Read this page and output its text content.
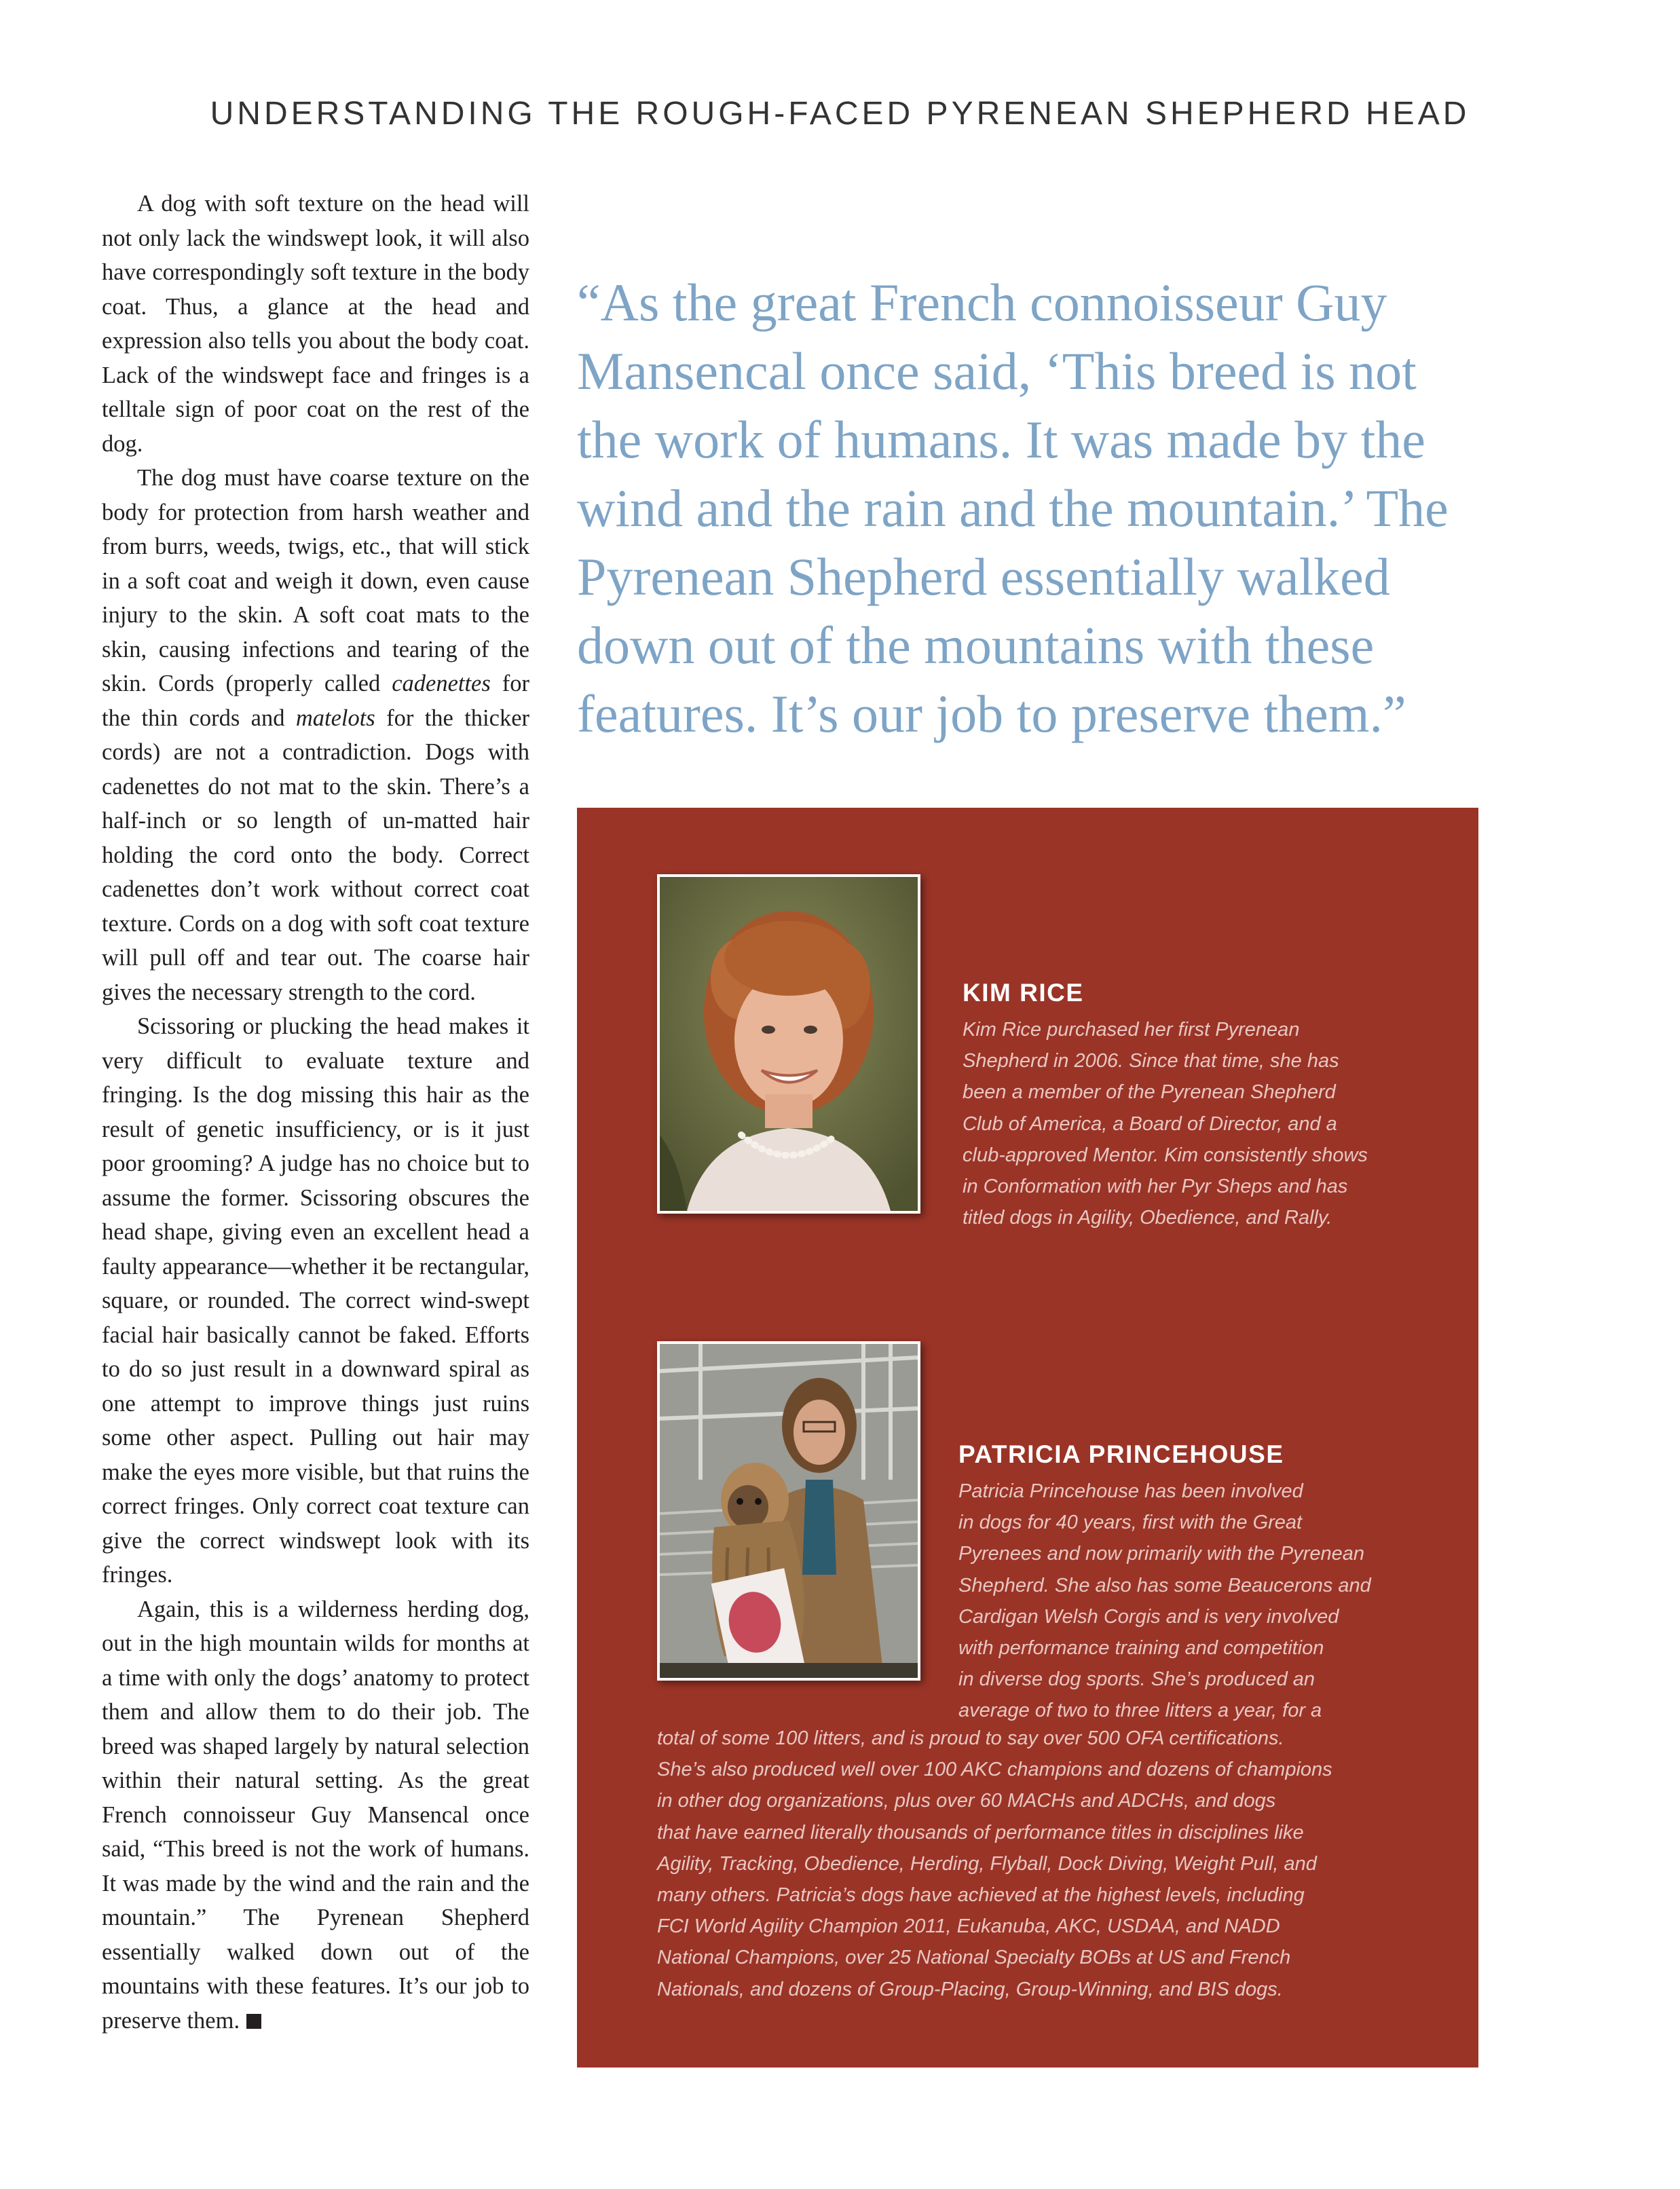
UNDERSTANDING THE ROUGH-FACED PYRENEAN SHEPHERD HEAD

A dog with soft texture on the head will not only lack the windswept look, it will also have correspondingly soft texture in the body coat. Thus, a glance at the head and expression also tells you about the body coat. Lack of the windswept face and fringes is a telltale sign of poor coat on the rest of the dog.

The dog must have coarse texture on the body for protection from harsh weather and from burrs, weeds, twigs, etc., that will stick in a soft coat and weigh it down, even cause injury to the skin. A soft coat mats to the skin, causing infections and tearing of the skin. Cords (properly called cadenettes for the thin cords and matelots for the thicker cords) are not a contradiction. Dogs with cadenettes do not mat to the skin. There’s a half-inch or so length of un-matted hair holding the cord onto the body. Correct cadenettes don’t work without correct coat texture. Cords on a dog with soft coat texture will pull off and tear out. The coarse hair gives the necessary strength to the cord.

Scissoring or plucking the head makes it very difficult to evaluate texture and fringing. Is the dog missing this hair as the result of genetic insufficiency, or is it just poor grooming? A judge has no choice but to assume the former. Scissoring obscures the head shape, giving even an excellent head a faulty appearance—whether it be rectangular, square, or rounded. The correct wind-swept facial hair basically cannot be faked. Efforts to do so just result in a downward spiral as one attempt to improve things just ruins some other aspect. Pulling out hair may make the eyes more visible, but that ruins the correct fringes. Only correct coat texture can give the correct windswept look with its fringes.

Again, this is a wilderness herding dog, out in the high mountain wilds for months at a time with only the dogs’ anatomy to protect them and allow them to do their job. The breed was shaped largely by natural selection within their natural setting. As the great French connoisseur Guy Mansencal once said, “This breed is not the work of humans. It was made by the wind and the rain and the mountain.” The Pyrenean Shepherd essentially walked down out of the mountains with these features. It’s our job to preserve them.

“As the great French connoisseur Guy Mansencal once said, ‘This breed is not the work of humans. It was made by the wind and the rain and the mountain.’ The Pyrenean Shepherd essentially walked down out of the mountains with these features. It’s our job to preserve them.”
KIM RICE
Kim Rice purchased her first Pyrenean
Shepherd in 2006. Since that time, she has
been a member of the Pyrenean Shepherd
Club of America, a Board of Director, and a
club-approved Mentor. Kim consistently shows
in Conformation with her Pyr Sheps and has
titled dogs in Agility, Obedience, and Rally.
PATRICIA PRINCEHOUSE
Patricia Princehouse has been involved
in dogs for 40 years, first with the Great
Pyrenees and now primarily with the Pyrenean
Shepherd. She also has some Beaucerons and
Cardigan Welsh Corgis and is very involved
with performance training and competition
in diverse dog sports. She’s produced an
average of two to three litters a year, for a
total of some 100 litters, and is proud to say over 500 OFA certifications.
She’s also produced well over 100 AKC champions and dozens of champions
in other dog organizations, plus over 60 MACHs and ADCHs, and dogs
that have earned literally thousands of performance titles in disciplines like
Agility, Tracking, Obedience, Herding, Flyball, Dock Diving, Weight Pull, and
many others. Patricia’s dogs have achieved at the highest levels, including
FCI World Agility Champion 2011, Eukanuba, AKC, USDAA, and NADD
National Champions, over 25 National Specialty BOBs at US and French
Nationals, and dozens of Group-Placing, Group-Winning, and BIS dogs.
